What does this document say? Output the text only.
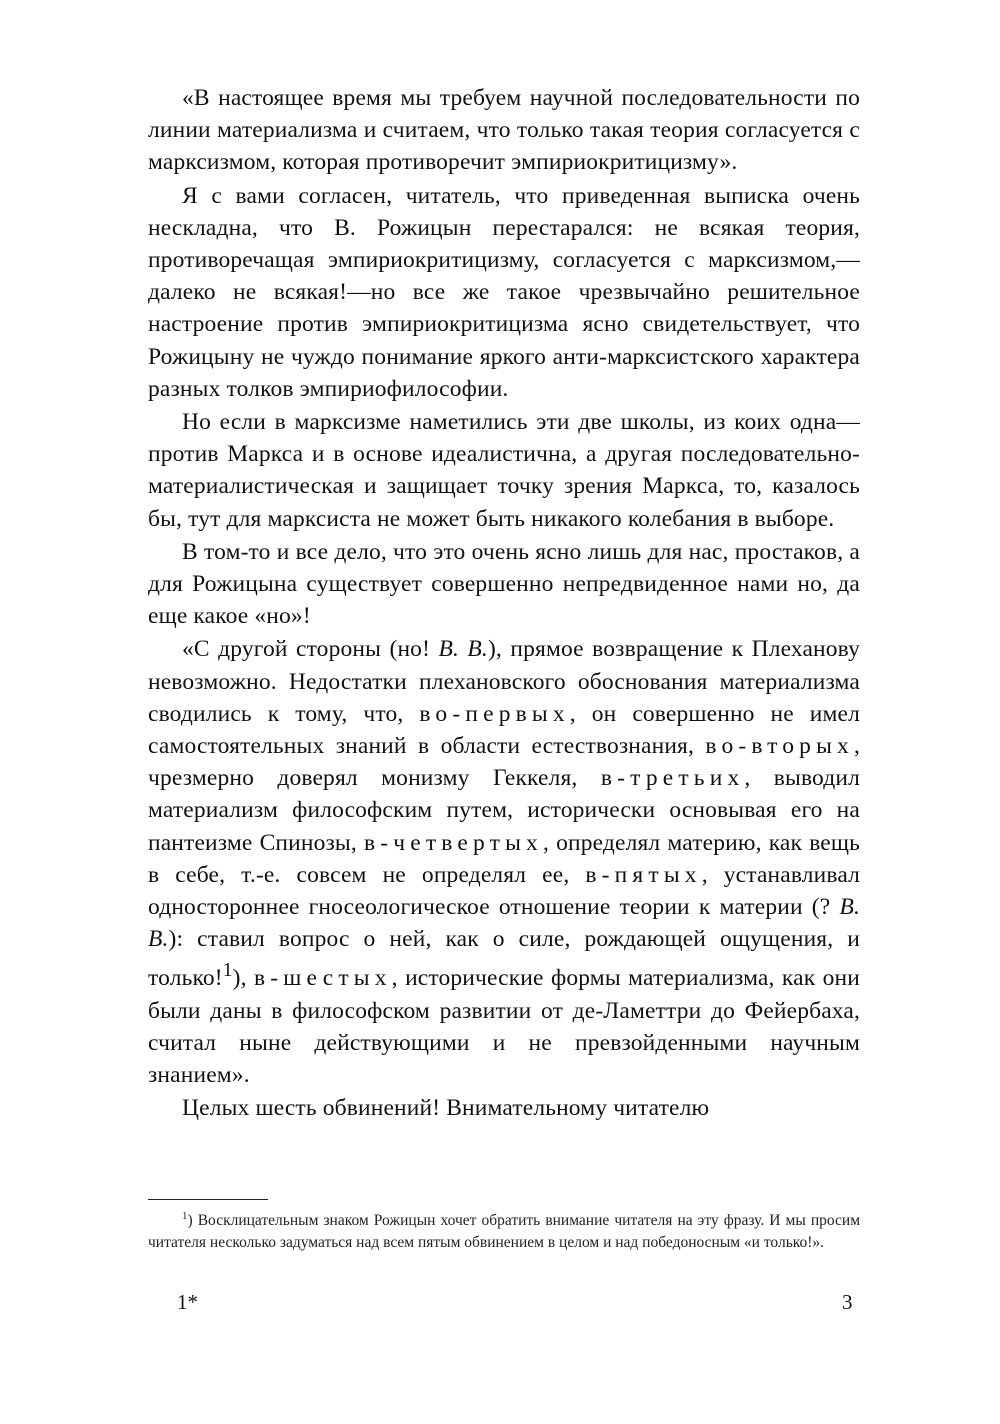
«В настоящее время мы требуем научной последовательности по линии материализма и считаем, что только такая теория согласуется с марксизмом, которая противоречит эмпириокритицизму».

Я с вами согласен, читатель, что приведенная выписка очень нескладна, что В. Рожицын перестарался: не всякая теория, противоречащая эмпириокритицизму, согласуется с марксизмом,—далеко не всякая!—но все же такое чрезвычайно решительное настроение против эмпириокритицизма ясно свидетельствует, что Рожицыну не чуждо понимание яркого анти-марксистского характера разных толков эмпириофилософии.

Но если в марксизме наметились эти две школы, из коих одна—против Маркса и в основе идеалистична, а другая последовательно-материалистическая и защищает точку зрения Маркса, то, казалось бы, тут для марксиста не может быть никакого колебания в выборе.

В том-то и все дело, что это очень ясно лишь для нас, простаков, а для Рожицына существует совершенно непредвиденное нами но, да еще какое «но»!

«С другой стороны (но! В. В.), прямое возвращение к Плеханову невозможно. Недостатки плехановского обоснования материализма сводились к тому, что, во-первых, он совершенно не имел самостоятельных знаний в области естествознания, во-вторых, чрезмерно доверял монизму Геккеля, в-третьих, выводил материализм философским путем, исторически основывая его на пантеизме Спинозы, в-четвертых, определял материю, как вещь в себе, т.-е. совсем не определял ее, в-пятых, устанавливал одностороннее гносеологическое отношение теории к материи (? В. В.): ставил вопрос о ней, как о силе, рождающей ощущения, и только!$^1$), в-шестых, исторические формы материализма, как они были даны в философском развитии от де-Ламеттри до Фейербаха, считал ныне действующими и не превзойденными научным знанием».

Целых шесть обвинений! Внимательному читателю

$^1$) Восклицательным знаком Рожицын хочет обратить внимание читателя на эту фразу. И мы просим читателя несколько задуматься над всем пятым обвинением в целом и над победоносным «и только!».

1*	3
